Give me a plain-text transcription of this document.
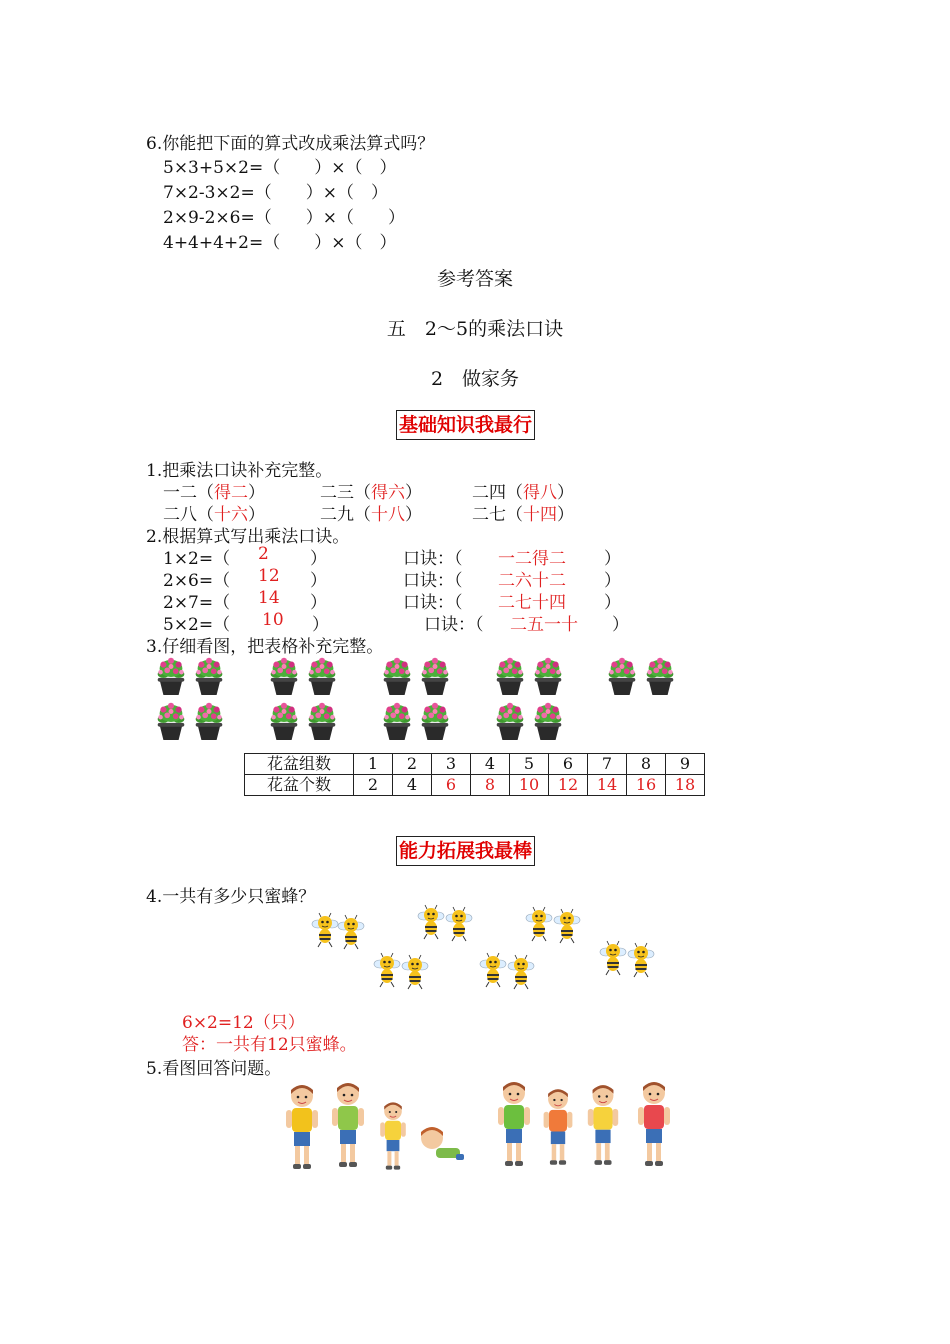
6.你能把下面的算式改成乘法算式吗？
5×3+5×2=（　　）×（　）
7×2-3×2=（　　）×（　）
2×9-2×6=（　　）×（　　）
4+4+4+2=（　　）×（　）
参考答案
五　2～5的乘法口诀
2　做家务
基础知识我最行
1.把乘法口诀补充完整。
一二（得二）	二三（得六）	二四（得八）
二八（十六）	二九（十八）	二七（十四）
2.根据算式写出乘法口诀。
1×2=（ 2 ）	口诀：（ 一二得二 ）
2×6=（ 12 ）	口诀：（ 二六十二 ）
2×7=（ 14 ）	口诀：（ 二七十四 ）
5×2=（ 10 ）	口诀：（ 二五一十 ）
3.仔细看图，把表格补充完整。
花盆组数	1	2	3	4	5	6	7	8	9
花盆个数	2	4	6	8	10	12	14	16	18
能力拓展我最棒
4.一共有多少只蜜蜂？
6×2=12（只）
答：一共有12只蜜蜂。
5.看图回答问题。
